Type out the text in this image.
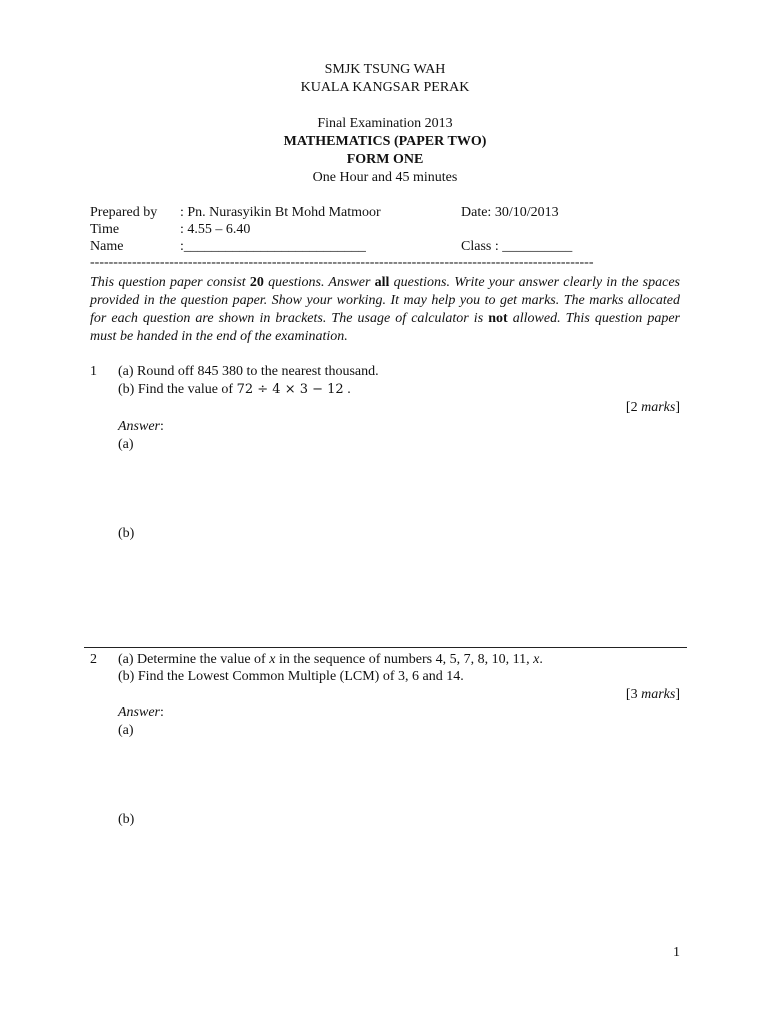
SMJK TSUNG WAH
KUALA KANGSAR PERAK
Final Examination 2013
MATHEMATICS (PAPER TWO)
FORM ONE
One Hour and 45 minutes
Prepared by : Pn. Nurasyikin Bt Mohd Matmoor	Date: 30/10/2013
Time	: 4.55 – 6.40
Name	:__________________________	Class : __________
------------------------------------------------------------------------------------------------------------
This question paper consist 20 questions. Answer all questions. Write your answer clearly in the spaces provided in the question paper. Show your working. It may help you to get marks. The marks allocated for each question are shown in brackets. The usage of calculator is not allowed. This question paper must be handed in the end of the examination.
1 (a) Round off 845 380 to the nearest thousand.
(b) Find the value of 72 ÷ 4 × 3 − 12 .
[2 marks]
Answer:
(a)
(b)
2 (a) Determine the value of x in the sequence of numbers 4, 5, 7, 8, 10, 11, x.
(b) Find the Lowest Common Multiple (LCM) of 3, 6 and 14.
[3 marks]
Answer:
(a)
(b)
1
